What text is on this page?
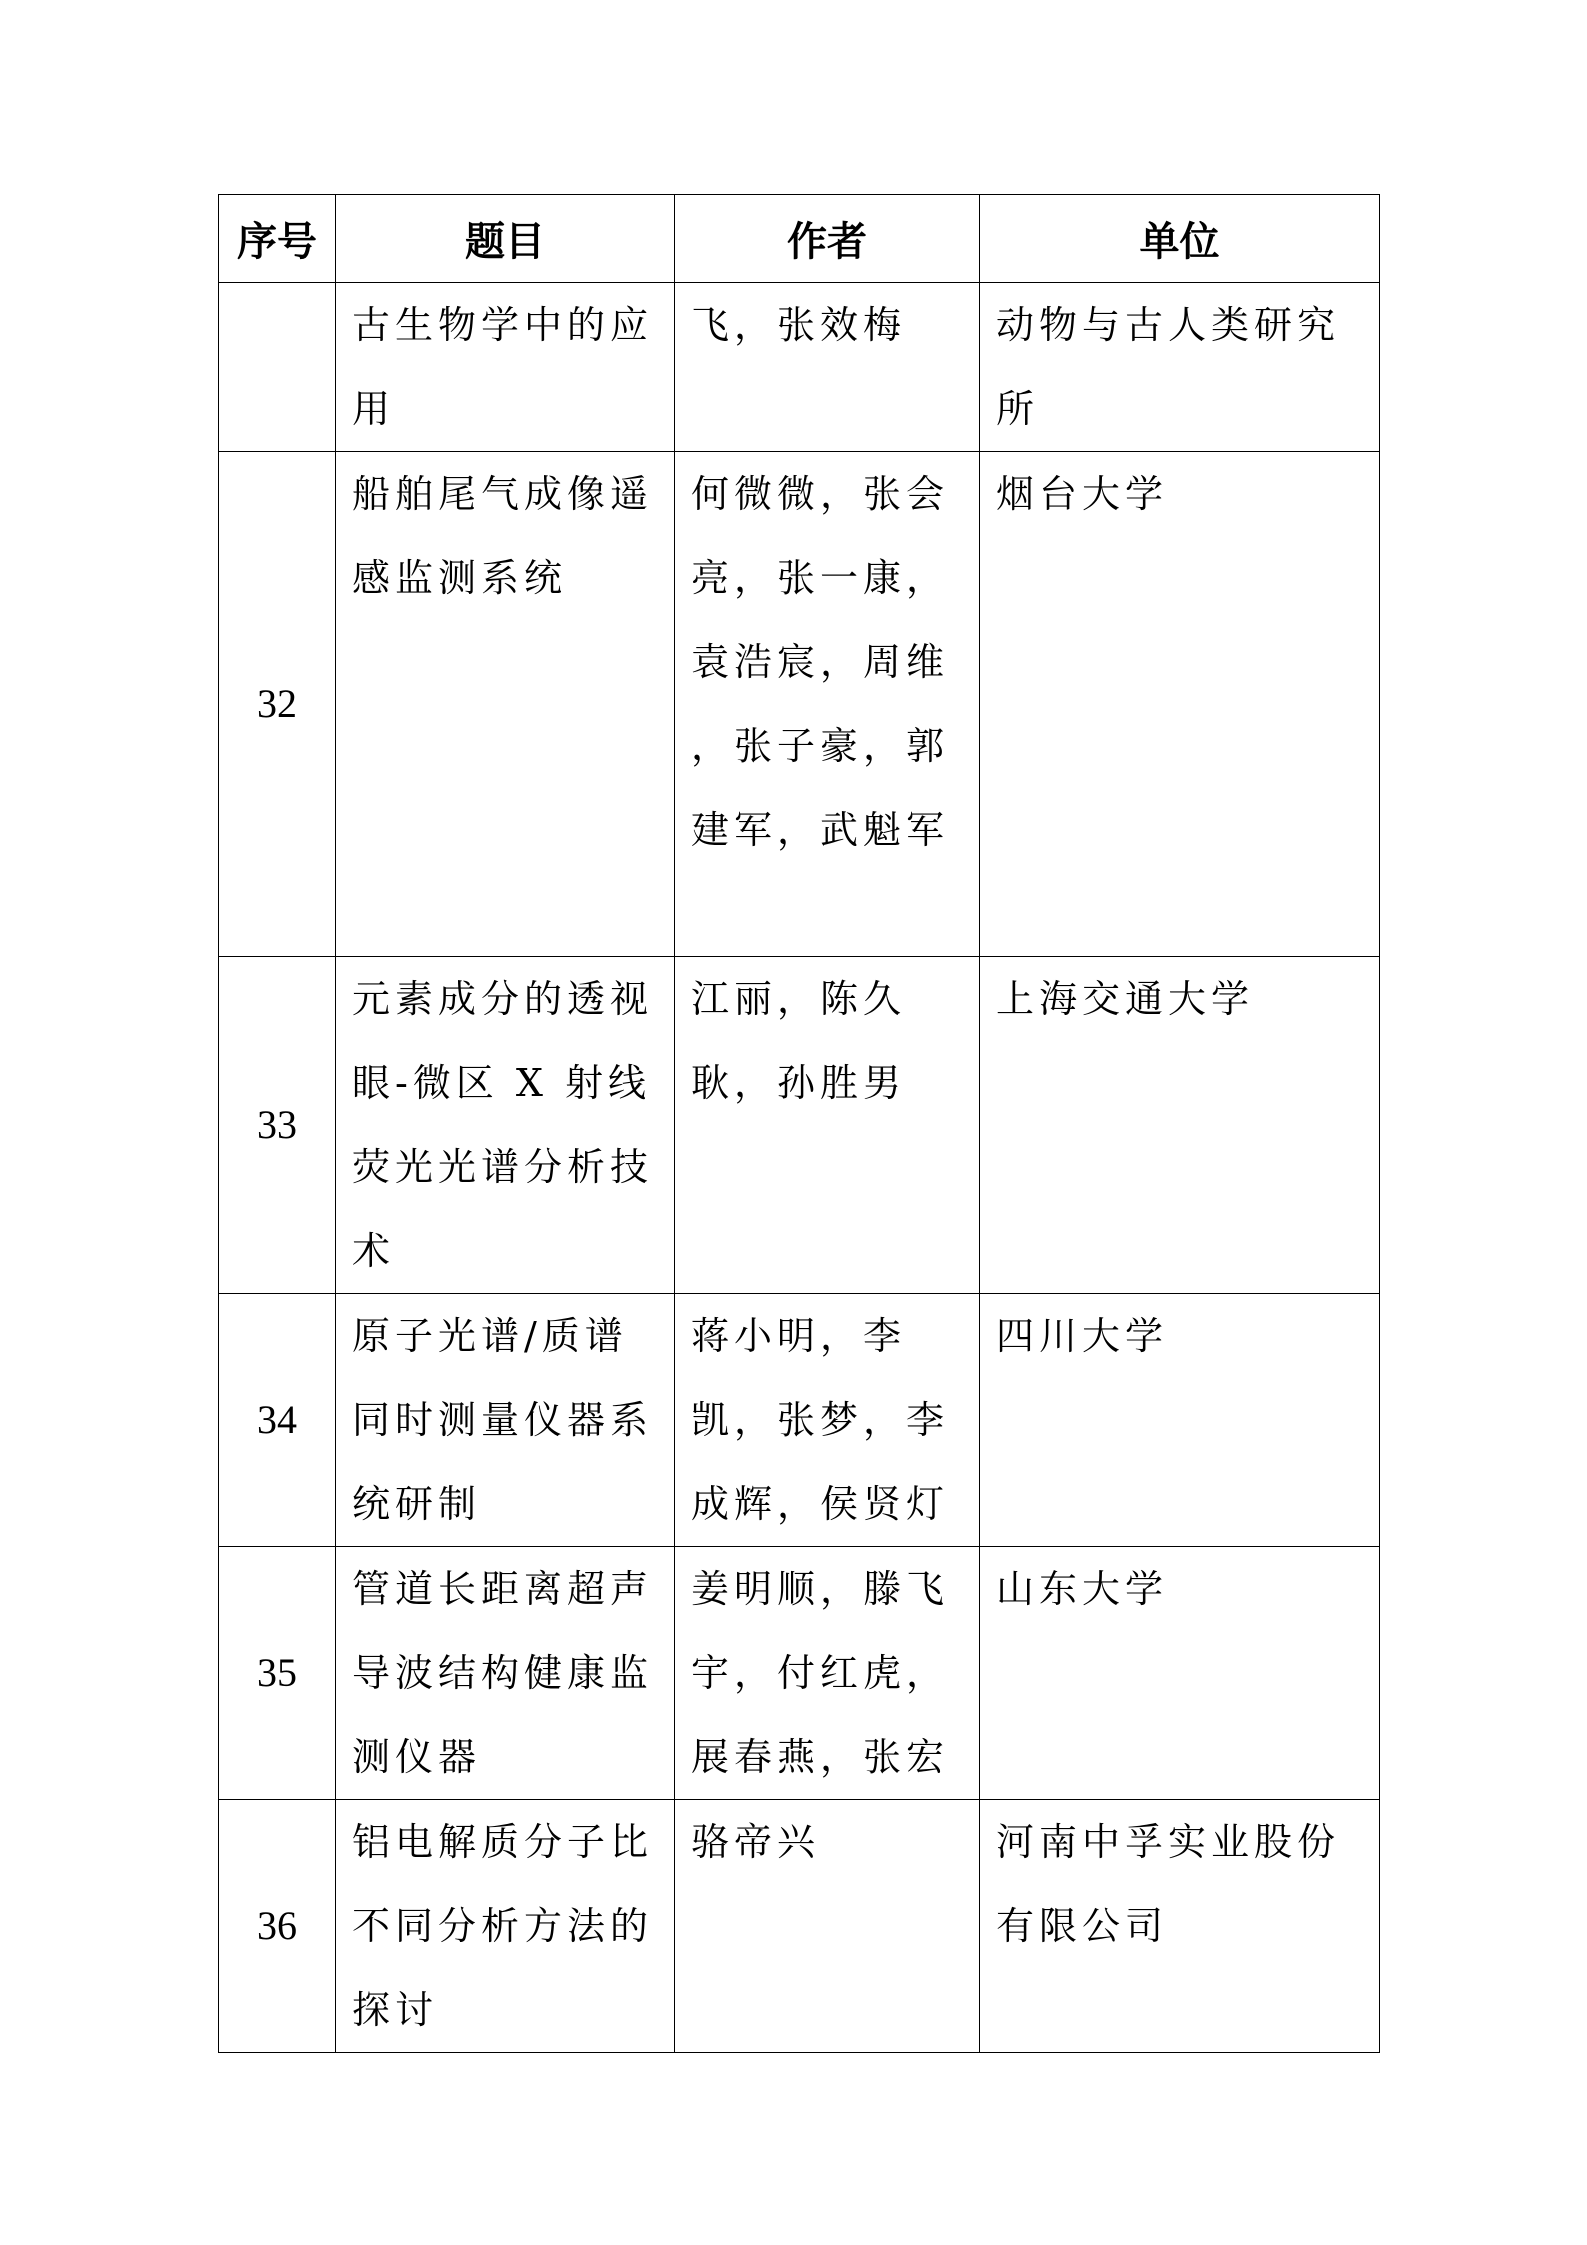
序号	题目	作者	单位

	古生物学中的应用	飞，张效梅	动物与古人类研究所

32	船舶尾气成像遥感监测系统	何微微，张会亮，张一康，袁浩宸，周维 ，张子豪，郭建军，武魁军	烟台大学

33	元素成分的透视眼-微区 X 射线荧光光谱分析技术	江丽，陈久耿，孙胜男	上海交通大学

34	原子光谱/质谱同时测量仪器系统研制	蒋小明，李凯，张梦，李成辉，侯贤灯	四川大学

35	管道长距离超声导波结构健康监测仪器	姜明顺，滕飞宇，付红虎，展春燕，张宏	山东大学

36	铝电解质分子比不同分析方法的探讨	骆帝兴	河南中孚实业股份有限公司
